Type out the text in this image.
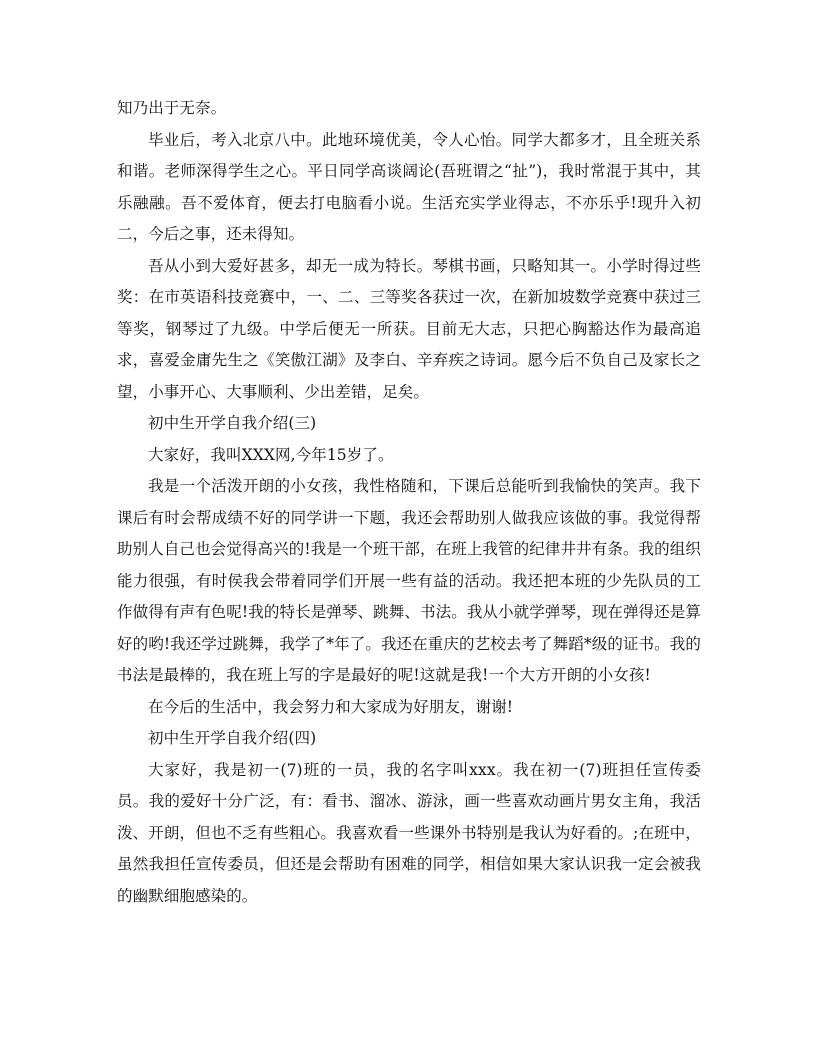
知乃出于无奈。

毕业后，考入北京八中。此地环境优美，令人心怡。同学大都多才，且全班关系和谐。老师深得学生之心。平日同学高谈阔论(吾班谓之“扯”)，我时常混于其中，其乐融融。吾不爱体育，便去打电脑看小说。生活充实学业得志，不亦乐乎!现升入初二，今后之事，还未得知。

吾从小到大爱好甚多，却无一成为特长。琴棋书画，只略知其一。小学时得过些奖：在市英语科技竞赛中，一、二、三等奖各获过一次，在新加坡数学竞赛中获过三等奖，钢琴过了九级。中学后便无一所获。目前无大志，只把心胸豁达作为最高追求，喜爱金庸先生之《笑傲江湖》及李白、辛弃疾之诗词。愿今后不负自己及家长之望，小事开心、大事顺利、少出差错，足矣。

初中生开学自我介绍(三)

大家好，我叫XXX网,今年15岁了。

我是一个活泼开朗的小女孩，我性格随和，下课后总能听到我愉快的笑声。我下课后有时会帮成绩不好的同学讲一下题，我还会帮助别人做我应该做的事。我觉得帮助别人自己也会觉得高兴的!我是一个班干部，在班上我管的纪律井井有条。我的组织能力很强，有时侯我会带着同学们开展一些有益的活动。我还把本班的少先队员的工作做得有声有色呢!我的特长是弹琴、跳舞、书法。我从小就学弹琴，现在弹得还是算好的哟!我还学过跳舞，我学了*年了。我还在重庆的艺校去考了舞蹈*级的证书。我的书法是最棒的，我在班上写的字是最好的呢!这就是我!一个大方开朗的小女孩!

在今后的生活中，我会努力和大家成为好朋友，谢谢!

初中生开学自我介绍(四)

大家好，我是初一(7)班的一员，我的名字叫xxx。我在初一(7)班担任宣传委员。我的爱好十分广泛，有：看书、溜冰、游泳，画一些喜欢动画片男女主角，我活泼、开朗，但也不乏有些粗心。我喜欢看一些课外书特别是我认为好看的。;在班中，虽然我担任宣传委员，但还是会帮助有困难的同学，相信如果大家认识我一定会被我的幽默细胞感染的。
